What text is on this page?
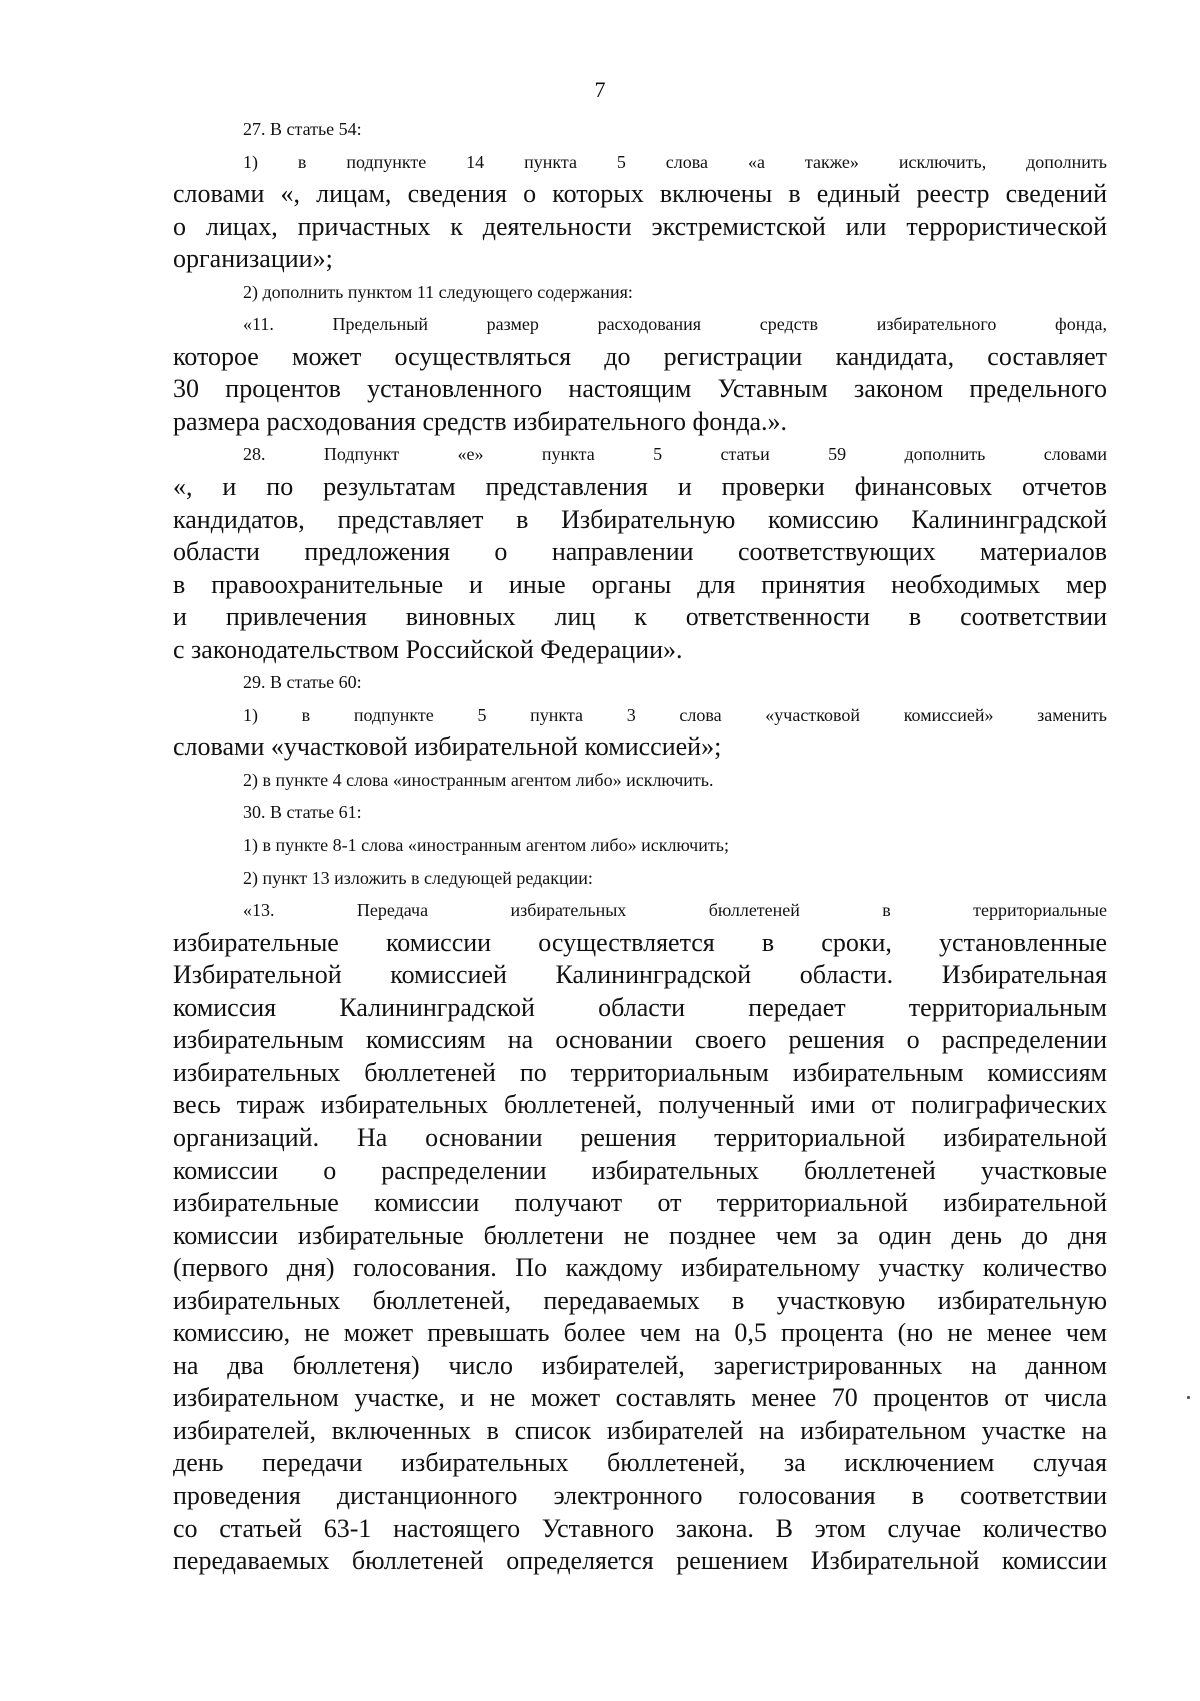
7
27. В статье 54:
1) в подпункте 14 пункта 5 слова «а также» исключить, дополнить
словами «, лицам, сведения о которых включены в единый реестр сведений
о лицах, причастных к деятельности экстремистской или террористической
организации»;
2) дополнить пунктом 11 следующего содержания:
«11. Предельный размер расходования средств избирательного фонда,
которое может осуществляться до регистрации кандидата, составляет
30 процентов установленного настоящим Уставным законом предельного
размера расходования средств избирательного фонда.».
28. Подпункт «е» пункта 5 статьи 59 дополнить словами
«, и по результатам представления и проверки финансовых отчетов
кандидатов, представляет в Избирательную комиссию Калининградской
области предложения о направлении соответствующих материалов
в правоохранительные и иные органы для принятия необходимых мер
и привлечения виновных лиц к ответственности в соответствии
с законодательством Российской Федерации».
29. В статье 60:
1) в подпункте 5 пункта 3 слова «участковой комиссией» заменить
словами «участковой избирательной комиссией»;
2) в пункте 4 слова «иностранным агентом либо» исключить.
30. В статье 61:
1) в пункте 8-1 слова «иностранным агентом либо» исключить;
2) пункт 13 изложить в следующей редакции:
«13. Передача избирательных бюллетеней в территориальные
избирательные комиссии осуществляется в сроки, установленные
Избирательной комиссией Калининградской области. Избирательная
комиссия Калининградской области передает территориальным
избирательным комиссиям на основании своего решения о распределении
избирательных бюллетеней по территориальным избирательным комиссиям
весь тираж избирательных бюллетеней, полученный ими от полиграфических
организаций. На основании решения территориальной избирательной
комиссии о распределении избирательных бюллетеней участковые
избирательные комиссии получают от территориальной избирательной
комиссии избирательные бюллетени не позднее чем за один день до дня
(первого дня) голосования. По каждому избирательному участку количество
избирательных бюллетеней, передаваемых в участковую избирательную
комиссию, не может превышать более чем на 0,5 процента (но не менее чем
на два бюллетеня) число избирателей, зарегистрированных на данном
избирательном участке, и не может составлять менее 70 процентов от числа
избирателей, включенных в список избирателей на избирательном участке на
день передачи избирательных бюллетеней, за исключением случая
проведения дистанционного электронного голосования в соответствии
со статьей 63-1 настоящего Уставного закона. В этом случае количество
передаваемых бюллетеней определяется решением Избирательной комиссии
